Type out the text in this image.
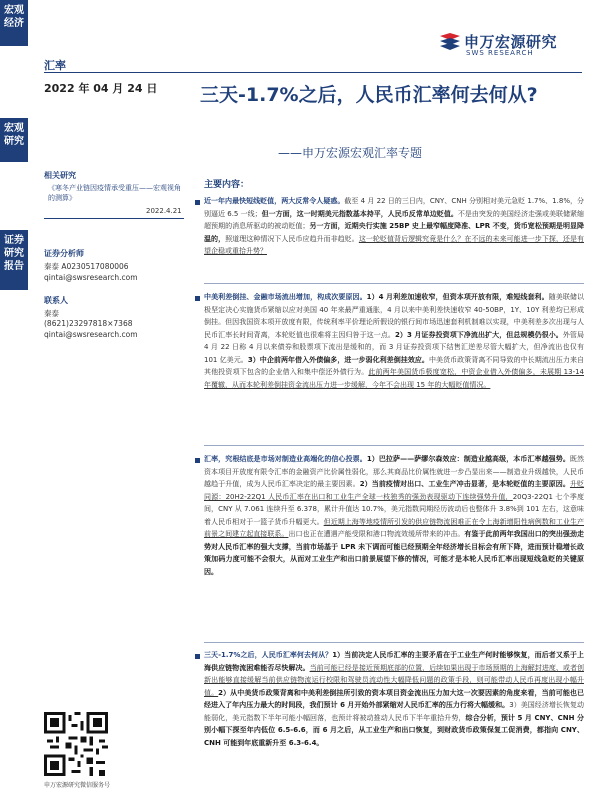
宏观经济
宏观研究
证券研究报告
申万宏源研究
SWS RESEARCH
汇率
2022 年 04 月 24 日 三天-1.7%之后，人民币汇率何去何从?
——申万宏源宏观汇率专题
相关研究
《寒冬产业链因疫情承受重压——宏观视角的测算》
2022.4.21
证券分析师
秦泰 A0230517080006
qintai@swsresearch.com
联系人
秦泰
(8621)23297818×7368
qintai@swsresearch.com
主要内容：
近一年内最快短线贬值，两大反常令人疑惑。截至 4 月 22 日的三日内，CNY、CNH 分别相对美元急贬 1.7%、1.8%，分别逼近 6.5 一线；但一方面，这一时期美元指数基本持平，人民币反常单边贬值。不是由突发的美国经济走强或美联储紧缩超预期的消息所驱动的被动贬值；另一方面，近期央行实施 25BP 史上最窄幅度降准、LPR 不变，货币宽松预期是明显降温的，照道理这种情况下人民币应趋升而非趋贬。这一轮贬值背后逻辑究竟是什么？在不远的未来可能进一步下探，还是有望企稳或重拾升势？
中美利差倒挂、金融市场流出增加，构成次要原因。1）4 月利差加速收窄，但资本项开放有限，难短线套利。随美联储以极坚定决心实施货币紧缩以应对美国 40 年来最严重通胀，4 月以来中美利差快速收窄 40-50BP，1Y、10Y 利差均已形成倒挂。但因我国资本项开放度有限，传统利率平价理论所假设的银行间市场迅速套利机制难以实现，中美利差多次出现与人民币汇率长时间背离，本轮贬值也很难将主因归咎于这一点。2）3 月证券投资项下净流出扩大，但总规模仍很小。外管局 4 月 22 日称 4 月以来债券和股票项下流出是缓和的，而 3 月证券投资项下结售汇逆差尽管大幅扩大，但净流出也仅有 101 亿美元。3）中企前两年借入外债偏多，进一步弱化利差倒挂效应。中美货币政策背离不同导致的中长期流出压力来自其他投资项下包含的企业借入和集中偿还外债行为。此前两年美国货币极度宽松，中资企业借入外债偏多，未展期 13-14 年覆辙，从而本轮利差倒挂资金流出压力进一步缓解，今年不会出现 15 年的大幅贬值情况。
汇率，究根结底是市场对制造业高端化的信心投票。1）巴拉萨——萨缪尔森效应：制造业越高级，本币汇率越强势。既然资本项目开放度有限令汇率的金融资产比价属性弱化，那么其商品比价属性就进一步凸显出来——制造业升级越快，人民币越趋于升值，成为人民币汇率决定的最主要因素。2）当前疫情对出口、工业生产冲击显著，是本轮贬值的主要原因。升贬同源：20H2-22Q1 人民币汇率在出口和工业生产全球一枝独秀的强劲表现驱动下连续强势升值，20Q3-22Q1 七个季度间，CNY 从 7.061 连续升至 6.378，累计升值达 10.7%，美元指数同期经历波动后也整体升 3.8%到 101 左右，这意味着人民币相对于一篮子货币升幅更大。但近期上海等地疫情所引发的供应链物流困难正在令上海新增阳性病例数和工业生产前景之间建立起直接联系。出口也正在遭遇产能受限和港口物流效缓所带来的冲击。有鉴于此前两年我国出口的突出强劲走势对人民币汇率的强大支撑，当前市场基于 LPR 未下调而可能已经预期全年经济增长目标会有所下降，进而预计稳增长政策加码力度可能不会很大，从而对工业生产和出口前景展望下修的情况，可能才是本轮人民币汇率出现短线急贬的关键原因。
三天-1.7%之后，人民币汇率何去何从？1）当前决定人民币汇率的主要矛盾在于工业生产何时能够恢复，而后者又系于上海供应链物流困难能否尽快解决。当前可能已经是接近预期底部的位置，后续如果出现于市场预期的上海解封进度、或者创新出能够直接缓解当前供应链物流运行校限和驾驶员流动性大幅降低问题的政策手段，则可能带动人民币再度出现小幅升值。2）从中美货币政策背离和中美利差倒挂所引致的资本项目资金流出压力加大这一次要因素的角度来看，当前可能也已经进入了年内压力最大的时间段，我们预计 6 月开始外部紧缩对人民币汇率的压力行将大幅缓和。3）美国经济增长恢复动能弱化，美元指数下半年可能小幅回落，也预计将被动推动人民币下半年重拾升势，综合分析，预计 5 月 CNY、CNH 分别小幅下探至年内低位 6.5-6.6，而 6 月之后，从工业生产和出口恢复，到财政货币政策保复工促消费，都指向 CNY、CNH 可能到年底重新升至 6.3-6.4。
申万宏源研究微信服务号
